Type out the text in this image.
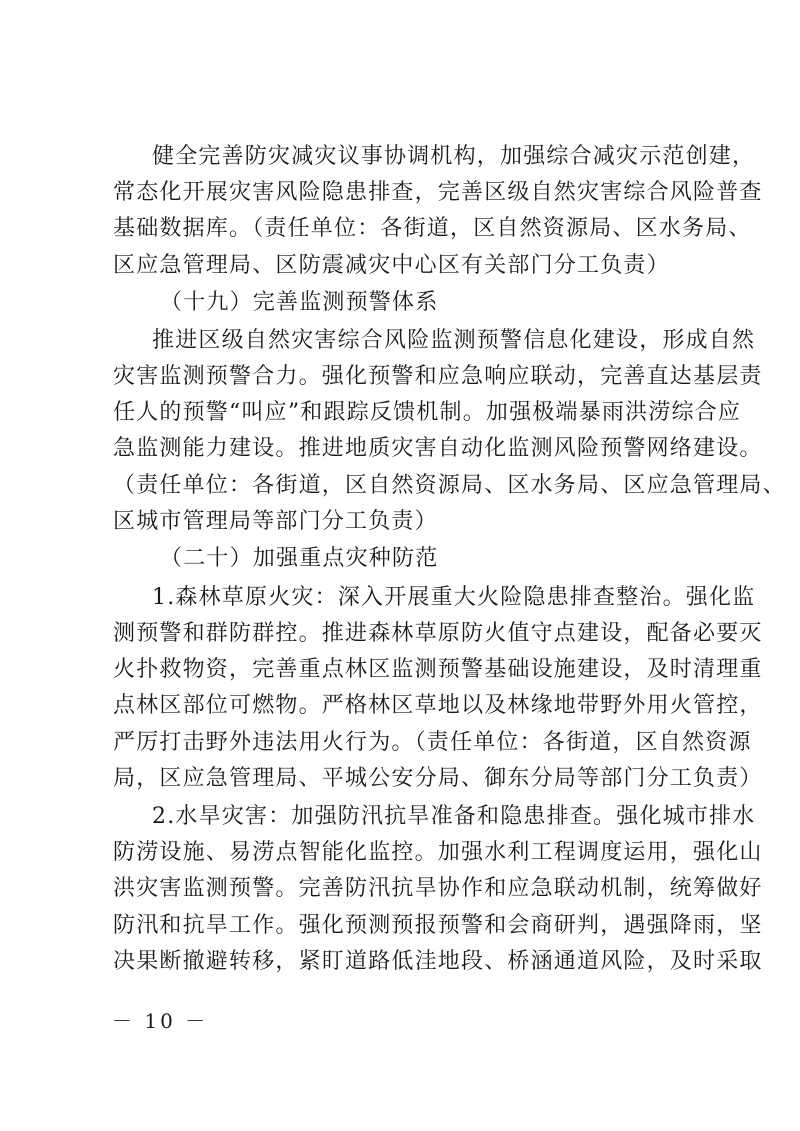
健全完善防灾减灾议事协调机构，加强综合减灾示范创建，
常态化开展灾害风险隐患排查，完善区级自然灾害综合风险普查
基础数据库。（责任单位：各街道，区自然资源局、区水务局、
区应急管理局、区防震减灾中心区有关部门分工负责）
（十九）完善监测预警体系
推进区级自然灾害综合风险监测预警信息化建设，形成自然
灾害监测预警合力。强化预警和应急响应联动，完善直达基层责
任人的预警“叫应”和跟踪反馈机制。加强极端暴雨洪涝综合应
急监测能力建设。推进地质灾害自动化监测风险预警网络建设。
（责任单位：各街道，区自然资源局、区水务局、区应急管理局、
区城市管理局等部门分工负责）
（二十）加强重点灾种防范
1.森林草原火灾：深入开展重大火险隐患排查整治。强化监
测预警和群防群控。推进森林草原防火值守点建设，配备必要灭
火扑救物资，完善重点林区监测预警基础设施建设，及时清理重
点林区部位可燃物。严格林区草地以及林缘地带野外用火管控，
严厉打击野外违法用火行为。（责任单位：各街道，区自然资源
局，区应急管理局、平城公安分局、御东分局等部门分工负责）
2.水旱灾害：加强防汛抗旱准备和隐患排查。强化城市排水
防涝设施、易涝点智能化监控。加强水利工程调度运用，强化山
洪灾害监测预警。完善防汛抗旱协作和应急联动机制，统筹做好
防汛和抗旱工作。强化预测预报预警和会商研判，遇强降雨，坚
决果断撤避转移，紧盯道路低洼地段、桥涵通道风险，及时采取
－ 10 －
